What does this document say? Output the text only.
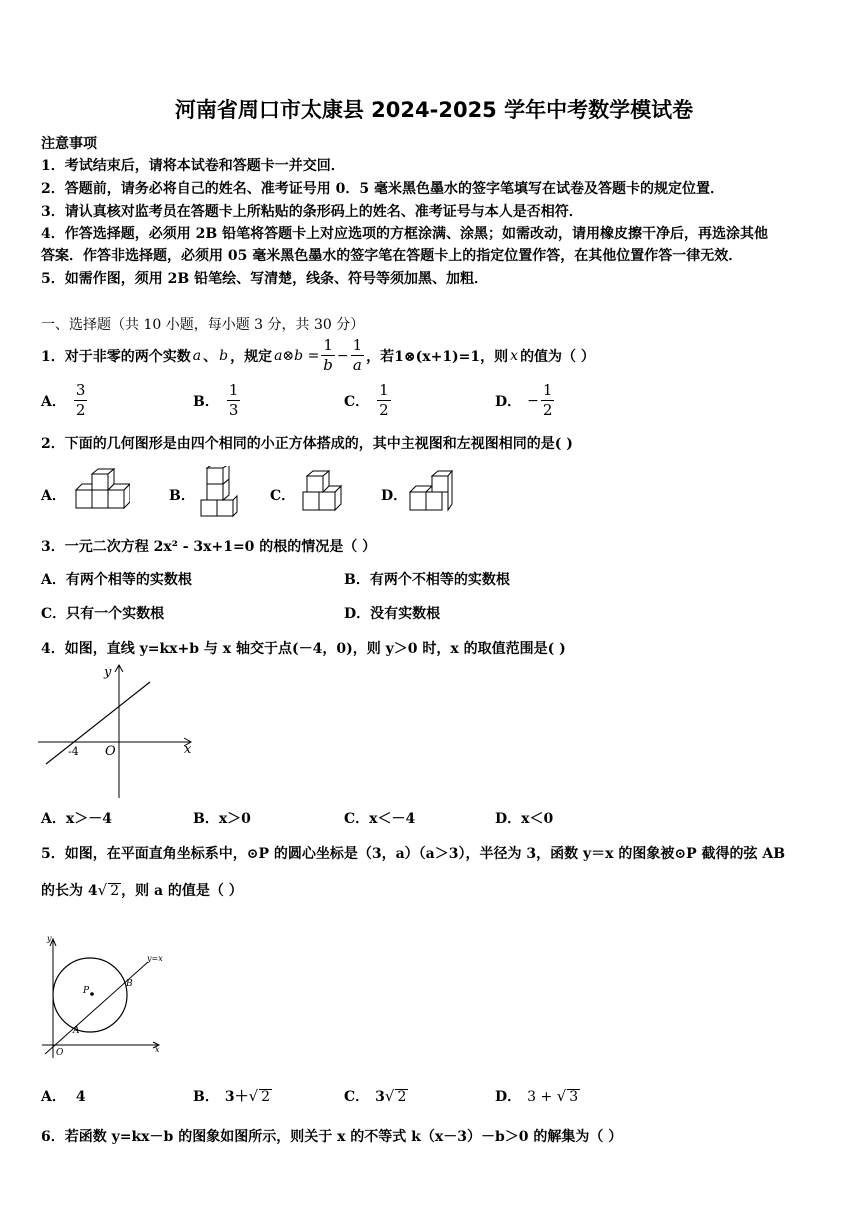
河南省周口市太康县 2024-2025 学年中考数学模试卷
注意事项
1．考试结束后，请将本试卷和答题卡一并交回．
2．答题前，请务必将自己的姓名、准考证号用 0．5 毫米黑色墨水的签字笔填写在试卷及答题卡的规定位置．
3．请认真核对监考员在答题卡上所粘贴的条形码上的姓名、准考证号与本人是否相符．
4．作答选择题，必须用 2B 铅笔将答题卡上对应选项的方框涂满、涂黑；如需改动，请用橡皮擦干净后，再选涂其他
答案．作答非选择题，必须用 05 毫米黑色墨水的签字笔在答题卡上的指定位置作答，在其他位置作答一律无效．
5．如需作图，须用 2B 铅笔绘、写清楚，线条、符号等须加黑、加粗．
一、选择题（共 10 小题，每小题 3 分，共 30 分）
1．对于非零的两个实数 a 、 b ，规定 a⊗b = $\frac{1}{b} - \frac{1}{a}$ ，若1⊗(x+1)=1，则 x 的值为（ ）
A． $\frac{3}{2}$	B． $\frac{1}{3}$	C． $\frac{1}{2}$	D． − $\frac{1}{2}$
2．下面的几何图形是由四个相同的小正方体搭成的，其中主视图和左视图相同的是( )
A．	B．	C．	D．
3．一元二次方程 2x² - 3x+1=0 的根的情况是（ ）
A．有两个相等的实数根	B．有两个不相等的实数根
C．只有一个实数根	D．没有实数根
4．如图，直线 y=kx+b 与 x 轴交于点(－4，0)，则 y＞0 时，x 的取值范围是( )
y
x
O
-4
A．x＞－4	B．x＞0	C．x＜－4	D．x＜0
5．如图，在平面直角坐标系中，⊙P 的圆心坐标是（3，a）（a＞3），半径为 3，函数 y＝x 的图象被⊙P 截得的弦 AB
的长为 4√ 2 ，则 a 的值是（ ）
y=x
y
x
O
P
A
B
A． 4	B． 3＋√ 2	C． 3√ 2	D． 3 + √ 3
6．若函数 y=kx－b 的图象如图所示，则关于 x 的不等式 k（x－3）－b＞0 的解集为（ ）
